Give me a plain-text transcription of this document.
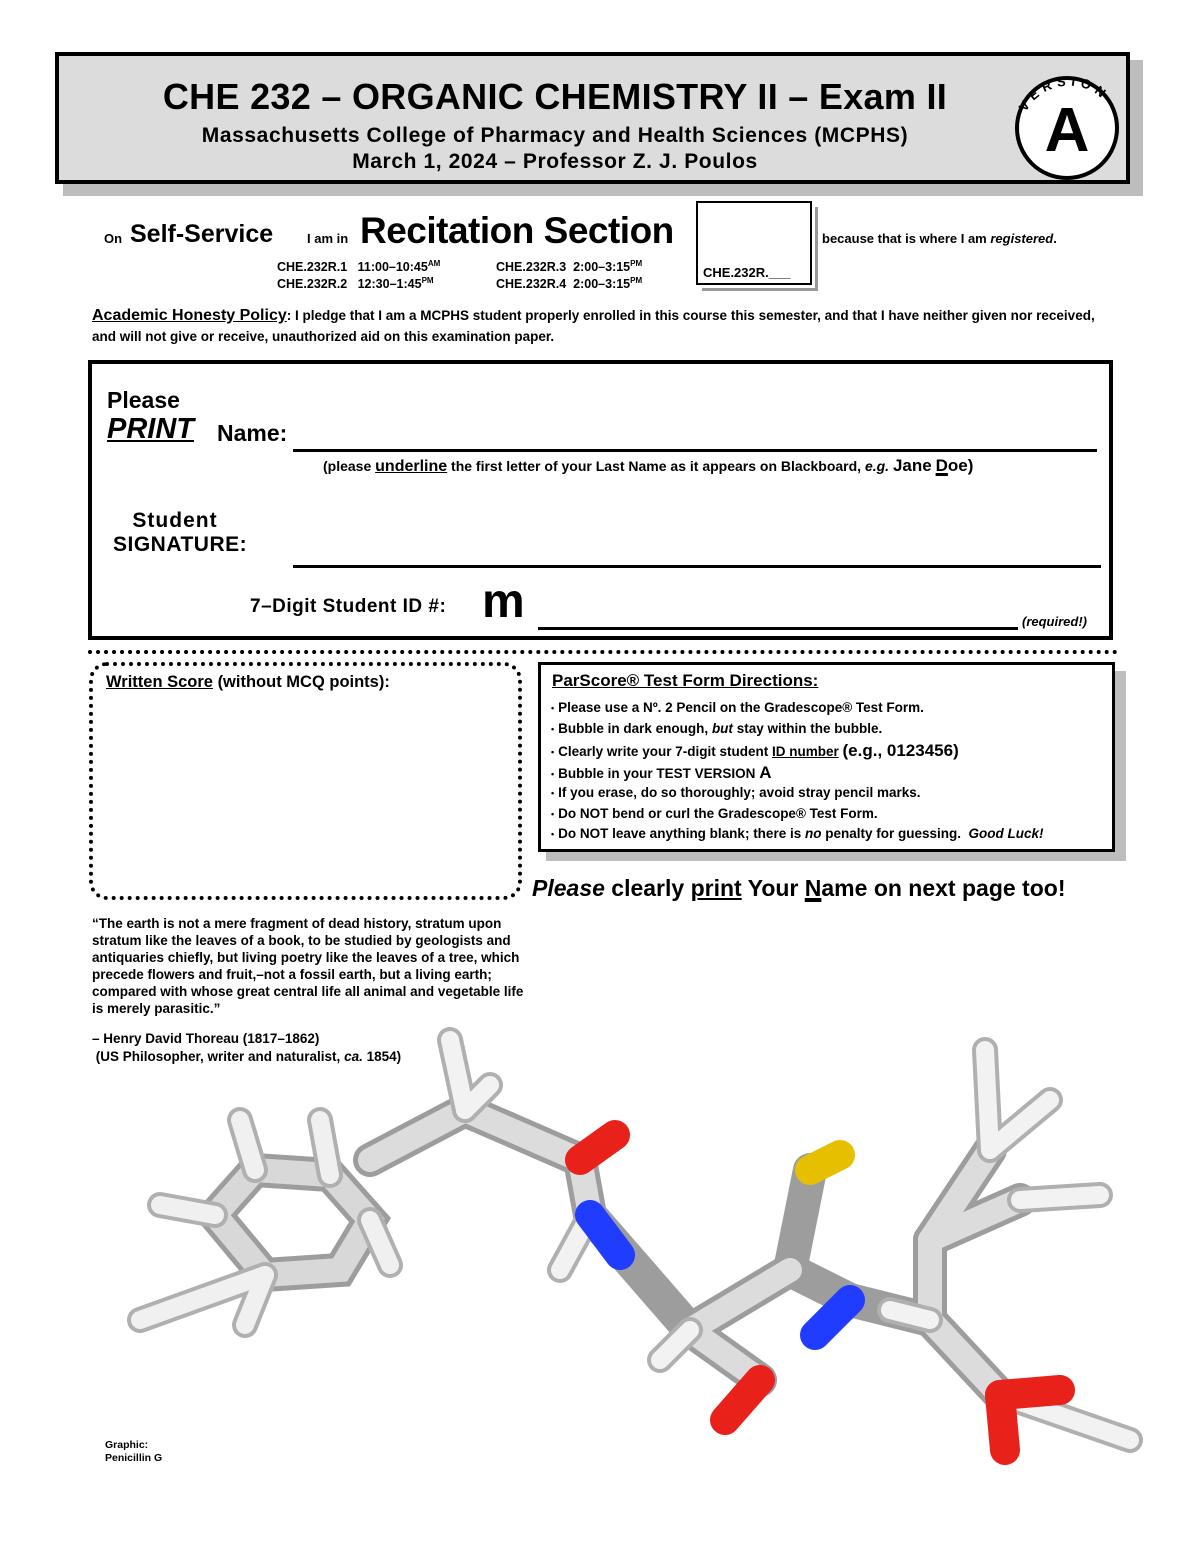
CHE 232 – ORGANIC CHEMISTRY II – Exam II
Massachusetts College of Pharmacy and Health Sciences (MCPHS)
March 1, 2024 – Professor Z. J. Poulos
VERSION
A
On Self-Service	I am in Recitation Section
CHE.232R.___
because that is where I am registered.
CHE.232R.1 $11:00-10:45^{AM}$
CHE.232R.2 $12:30-1:45^{PM}$
CHE.232R.3 $2:00-3:15^{PM}$
CHE.232R.4 $2:00-3:15^{PM}$
Academic Honesty Policy: I pledge that I am a MCPHS student properly enrolled in this course this semester, and that I have neither given nor received, and will not give or receive, unauthorized aid on this examination paper.
Please
PRINT Name:
(please underline the first letter of your Last Name as it appears on Blackboard, e.g. Jane Doe)
Student
SIGNATURE:
7–Digit Student ID #: m	(required!)
Written Score (without MCQ points):	ParScore® Test Form Directions:
• Please use a Nº. 2 Pencil on the Gradescope® Test Form.
• Bubble in dark enough, but stay within the bubble.
• Clearly write your 7-digit student ID number (e.g., 0123456)
• Bubble in your TEST VERSION A
• If you erase, do so thoroughly; avoid stray pencil marks.
• Do NOT bend or curl the Gradescope® Test Form.
• Do NOT leave anything blank; there is no penalty for guessing. Good Luck!
Please clearly print Your Name on next page too!
“The earth is not a mere fragment of dead history, stratum upon stratum like the leaves of a book, to be studied by geologists and antiquaries chiefly, but living poetry like the leaves of a tree, which precede flowers and fruit,–not a fossil earth, but a living earth; compared with whose great central life all animal and vegetable life is merely parasitic.”
– Henry David Thoreau (1817–1862)
(US Philosopher, writer and naturalist, ca. 1854)
Graphic:
Penicillin G
